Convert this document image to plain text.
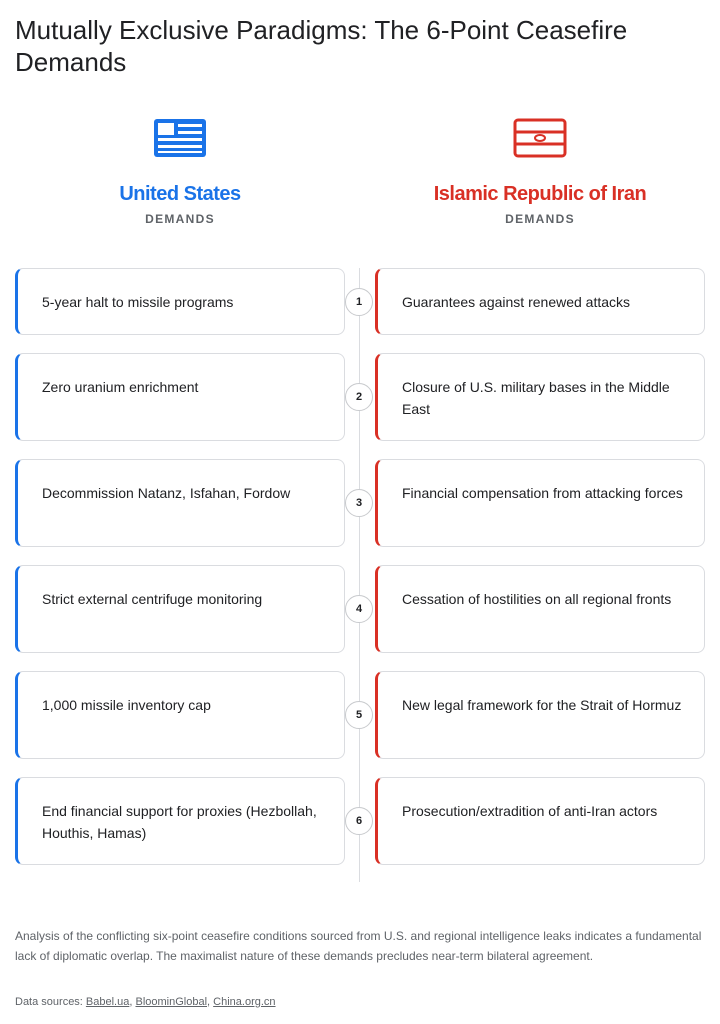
Mutually Exclusive Paradigms: The 6-Point Ceasefire Demands
United States
DEMANDS
Islamic Republic of Iran
DEMANDS
5-year halt to missile programs	1	Guarantees against renewed attacks
Zero uranium enrichment
2
Closure of U.S. military bases in the Middle East
Decommission Natanz, Isfahan, Fordow
3
Financial compensation from attacking forces
Strict external centrifuge monitoring
4
Cessation of hostilities on all regional fronts
1,000 missile inventory cap
5
New legal framework for the Strait of Hormuz
End financial support for proxies (Hezbollah, Houthis, Hamas)
6
Prosecution/extradition of anti-Iran actors
Analysis of the conflicting six-point ceasefire conditions sourced from U.S. and regional intelligence leaks indicates a fundamental lack of diplomatic overlap. The maximalist nature of these demands precludes near-term bilateral agreement.
Data sources: Babel.ua, BloominGlobal, China.org.cn
